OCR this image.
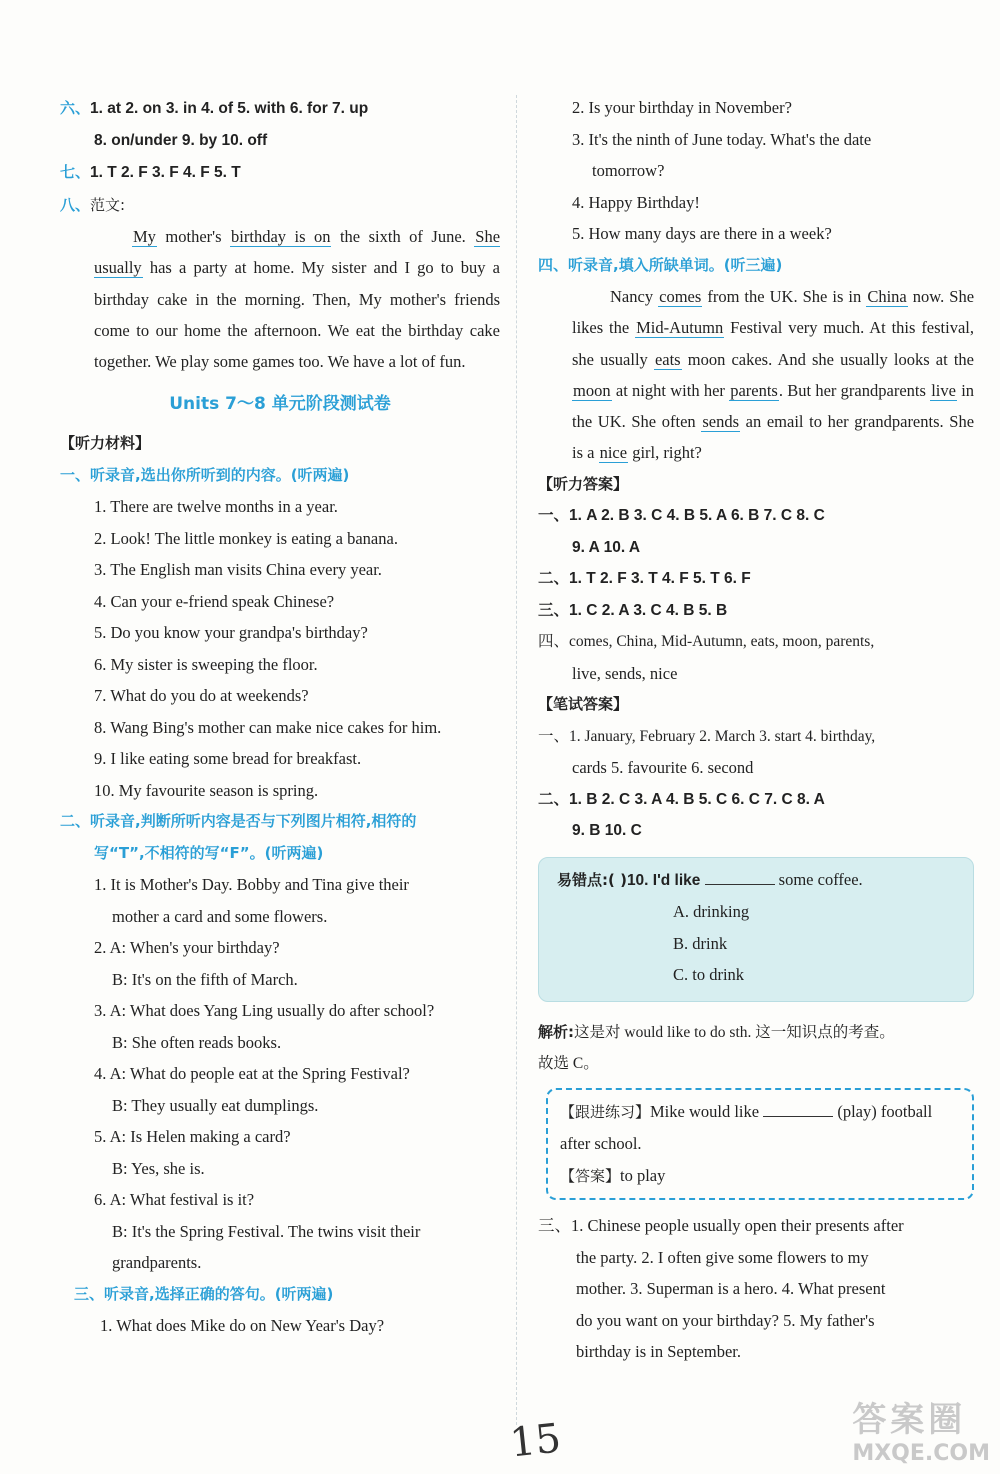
六、1. at 2. on 3. in 4. of 5. with 6. for 7. up
8. on/under 9. by 10. off
七、1. T 2. F 3. F 4. F 5. T
八、范文:
My mother's birthday is on the sixth of June. She usually has a party at home. My sister and I go to buy a birthday cake in the morning. Then, My mother's friends come to our home the afternoon. We eat the birthday cake together. We play some games too. We have a lot of fun.
Units 7～8 单元阶段测试卷
【听力材料】
一、听录音,选出你所听到的内容。(听两遍)
1. There are twelve months in a year.
2. Look! The little monkey is eating a banana.
3. The English man visits China every year.
4. Can your e-friend speak Chinese?
5. Do you know your grandpa's birthday?
6. My sister is sweeping the floor.
7. What do you do at weekends?
8. Wang Bing's mother can make nice cakes for him.
9. I like eating some bread for breakfast.
10. My favourite season is spring.
二、听录音,判断所听内容是否与下列图片相符,相符的
写“T”,不相符的写“F”。(听两遍)
1. It is Mother's Day. Bobby and Tina give their
mother a card and some flowers.
2. A: When's your birthday?
B: It's on the fifth of March.
3. A: What does Yang Ling usually do after school?
B: She often reads books.
4. A: What do people eat at the Spring Festival?
B: They usually eat dumplings.
5. A: Is Helen making a card?
B: Yes, she is.
6. A: What festival is it?
B: It's the Spring Festival. The twins visit their
grandparents.
三、听录音,选择正确的答句。(听两遍)
1. What does Mike do on New Year's Day?
2. Is your birthday in November?
3. It's the ninth of June today. What's the date
tomorrow?
4. Happy Birthday!
5. How many days are there in a week?
四、听录音,填入所缺单词。(听三遍)
Nancy comes from the UK. She is in China now. She likes the Mid-Autumn Festival very much. At this festival, she usually eats moon cakes. And she usually looks at the moon at night with her parents. But her grandparents live in the UK. She often sends an email to her grandparents. She is a nice girl, right?
【听力答案】
一、1. A 2. B 3. C 4. B 5. A 6. B 7. C 8. C
9. A 10. A
二、1. T 2. F 3. T 4. F 5. T 6. F
三、1. C 2. A 3. C 4. B 5. B
四、comes, China, Mid-Autumn, eats, moon, parents,
live, sends, nice
【笔试答案】
一、1. January, February 2. March 3. start 4. birthday,
cards 5. favourite 6. second
二、1. B 2. C 3. A 4. B 5. C 6. C 7. C 8. A
9. B 10. C
易错点:( )10. I'd like	some coffee.
A. drinking
B. drink
C. to drink
解析:这是对 would like to do sth. 这一知识点的考查。
故选 C。
【跟进练习】Mike would like	(play) football
after school.
【答案】to play
三、1. Chinese people usually open their presents after
the party. 2. I often give some flowers to my
mother. 3. Superman is a hero. 4. What present
do you want on your birthday? 5. My father's
birthday is in September.
15	答案圈
MXQE.COM
